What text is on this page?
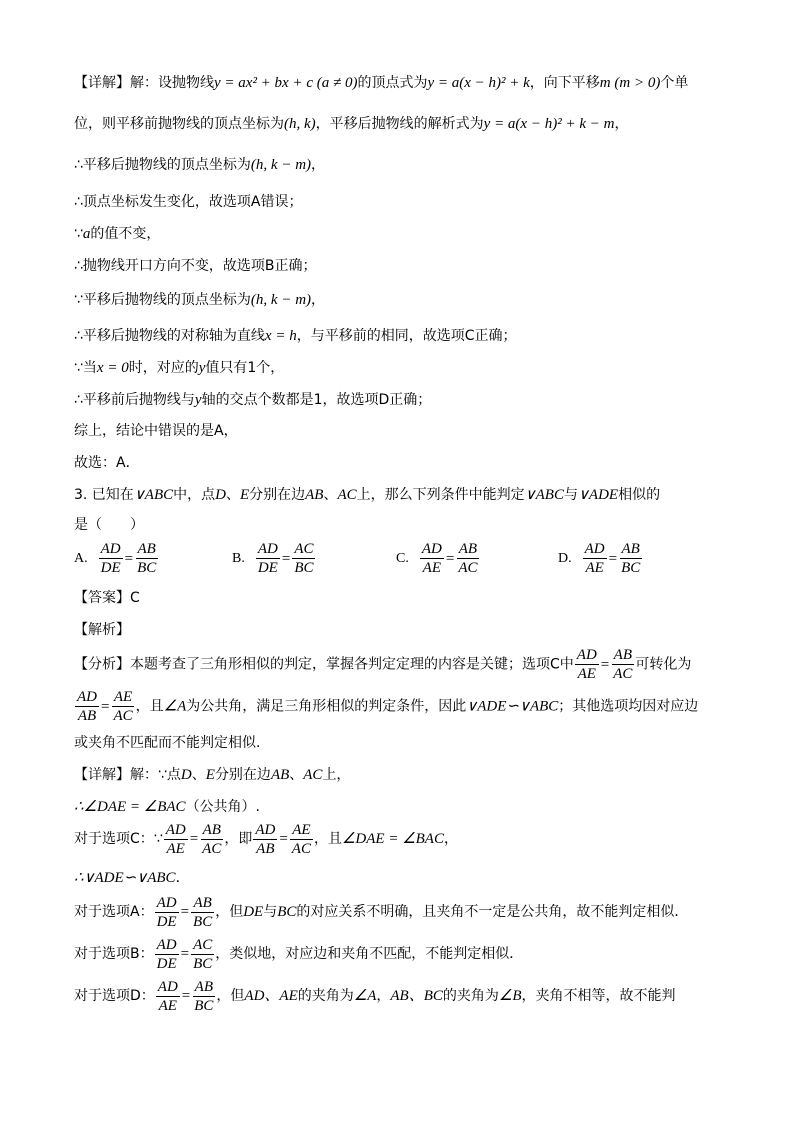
【详解】解：设抛物线y = ax² + bx + c (a ≠ 0)的顶点式为y = a(x − h)² + k，向下平移m (m > 0)个单
位，则平移前抛物线的顶点坐标为(h, k)，平移后抛物线的解析式为y = a(x − h)² + k − m，
∴平移后抛物线的顶点坐标为(h, k − m)，
∴顶点坐标发生变化，故选项A错误；
∵a的值不变，
∴抛物线开口方向不变，故选项B正确；
∵平移后抛物线的顶点坐标为(h, k − m)，
∴平移后抛物线的对称轴为直线x = h，与平移前的相同，故选项C正确；
∵当x = 0时，对应的y值只有1个，
∴平移前后抛物线与y轴的交点个数都是1，故选项D正确；
综上，结论中错误的是A，
故选：A．
3. 已知在∨ABC中，点D、E分别在边AB、AC上，那么下列条件中能判定∨ABC与∨ADE相似的
是（　　）
A. $\frac{AD}{DE} = \frac{AB}{BC}$	B. $\frac{AD}{DE} = \frac{AC}{BC}$	C. $\frac{AD}{AE} = \frac{AB}{AC}$	D. $\frac{AD}{AE} = \frac{AB}{BC}$
【答案】C
【解析】
【分析】本题考查了三角形相似的判定，掌握各判定定理的内容是关键；选项C中 $\frac{AD}{AE} = \frac{AB}{AC}$ 可转化为
$\frac{AD}{AB} = \frac{AE}{AC}$ ，且∠A为公共角，满足三角形相似的判定条件，因此∨ADE∽∨ABC；其他选项均因对应边
或夹角不匹配而不能判定相似.
【详解】解：∵点D、E分别在边AB、AC上，
∴∠DAE = ∠BAC（公共角）.
对于选项C：∵ $\frac{AD}{AE} = \frac{AB}{AC}$ ，即 $\frac{AD}{AB} = \frac{AE}{AC}$ ，且∠DAE = ∠BAC，
∴∨ADE∽∨ABC．
对于选项A： $\frac{AD}{DE} = \frac{AB}{BC}$ ，但DE与BC的对应关系不明确，且夹角不一定是公共角，故不能判定相似．
对于选项B： $\frac{AD}{DE} = \frac{AC}{BC}$ ，类似地，对应边和夹角不匹配，不能判定相似．
对于选项D： $\frac{AD}{AE} = \frac{AB}{BC}$ ，但AD、AE的夹角为∠A，AB、BC的夹角为∠B，夹角不相等，故不能判
